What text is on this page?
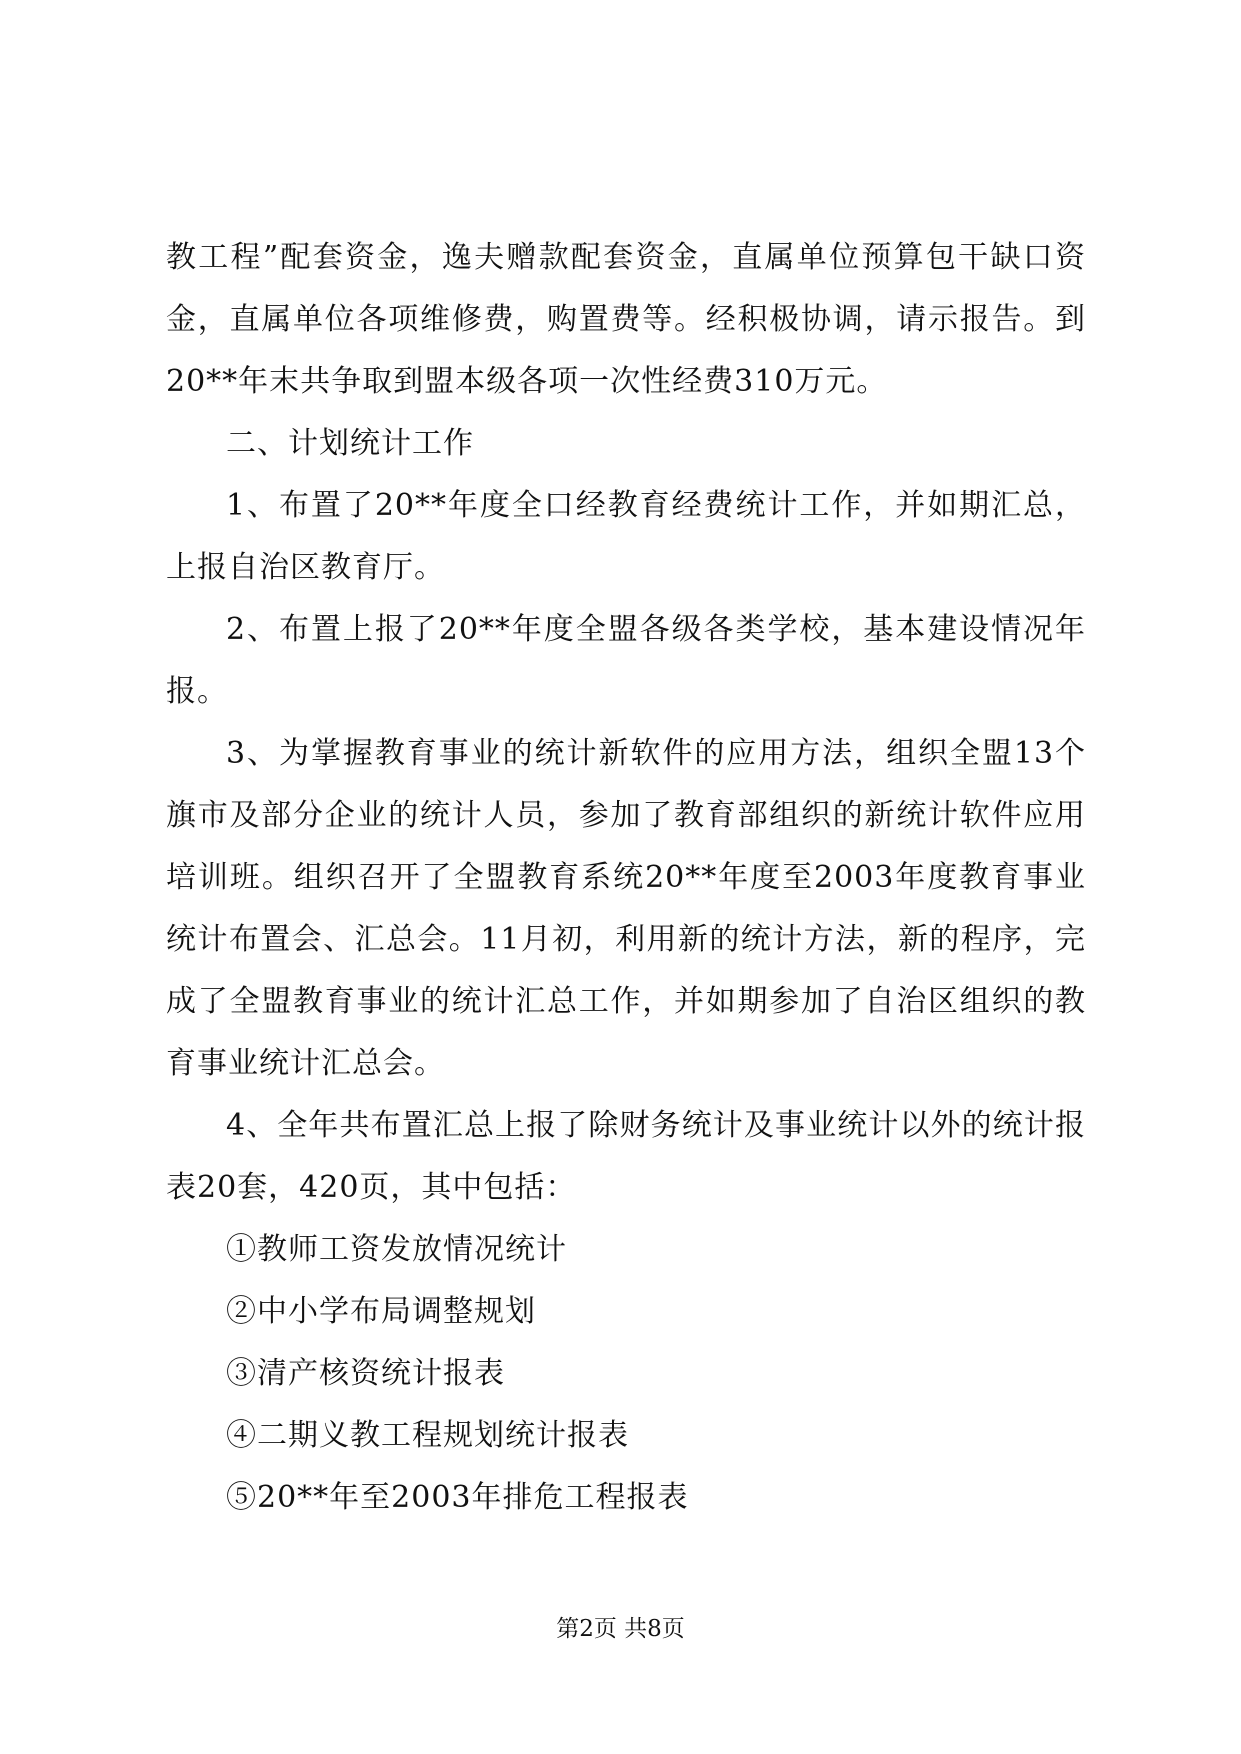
教工程”配套资金，逸夫赠款配套资金，直属单位预算包干缺口资金，直属单位各项维修费，购置费等。经积极协调，请示报告。到20**年末共争取到盟本级各项一次性经费310万元。

二、计划统计工作

1、布置了20**年度全口经教育经费统计工作，并如期汇总，上报自治区教育厅。

2、布置上报了20**年度全盟各级各类学校，基本建设情况年报。

3、为掌握教育事业的统计新软件的应用方法，组织全盟13个旗市及部分企业的统计人员，参加了教育部组织的新统计软件应用培训班。组织召开了全盟教育系统20**年度至2003年度教育事业统计布置会、汇总会。11月初，利用新的统计方法，新的程序，完成了全盟教育事业的统计汇总工作，并如期参加了自治区组织的教育事业统计汇总会。

4、全年共布置汇总上报了除财务统计及事业统计以外的统计报表20套，420页，其中包括：

①教师工资发放情况统计

②中小学布局调整规划

③清产核资统计报表

④二期义教工程规划统计报表

⑤20**年至2003年排危工程报表

第2页 共8页
